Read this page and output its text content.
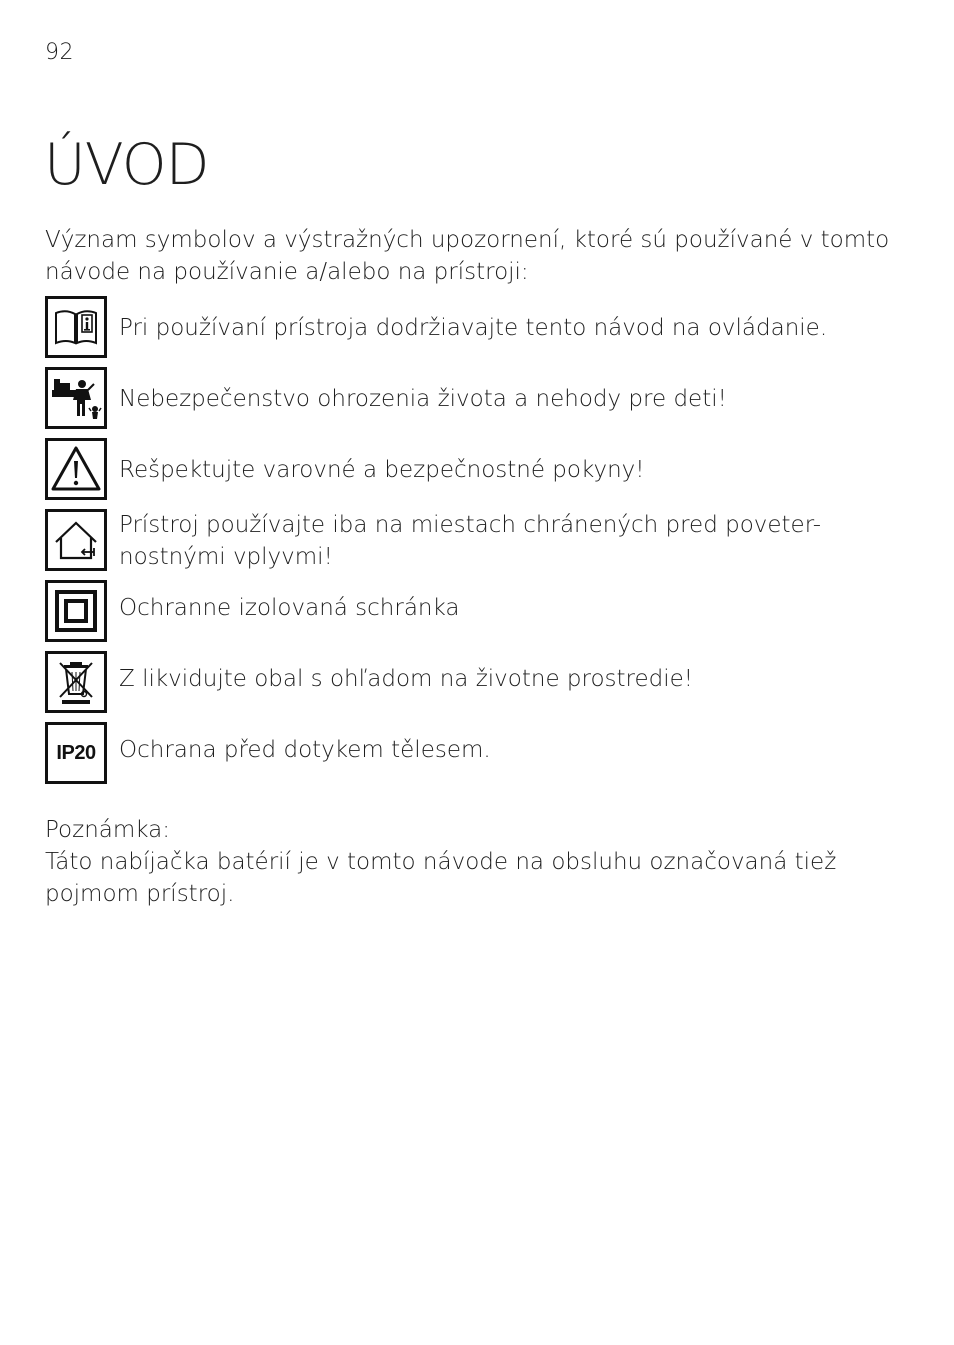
92
ÚVOD
Význam symbolov a výstražných upozornení, ktoré sú používané v tomto
návode na používanie a/alebo na prístroji:
Pri používaní prístroja dodržiavajte tento návod na ovládanie.
Nebezpečenstvo ohrozenia života a nehody pre deti!
Rešpektujte varovné a bezpečnostné pokyny!
Prístroj používajte iba na miestach chránených pred poveter-
nostnými vplyvmi!
Ochranne izolovaná schránka
Z likvidujte obal s ohľadom na životne prostredie!
IP20	Ochrana před dotykem tělesem.

Poznámka:

Táto nabíjačka batérií je v tomto návode na obsluhu označovaná tiež
pojmom prístroj.
